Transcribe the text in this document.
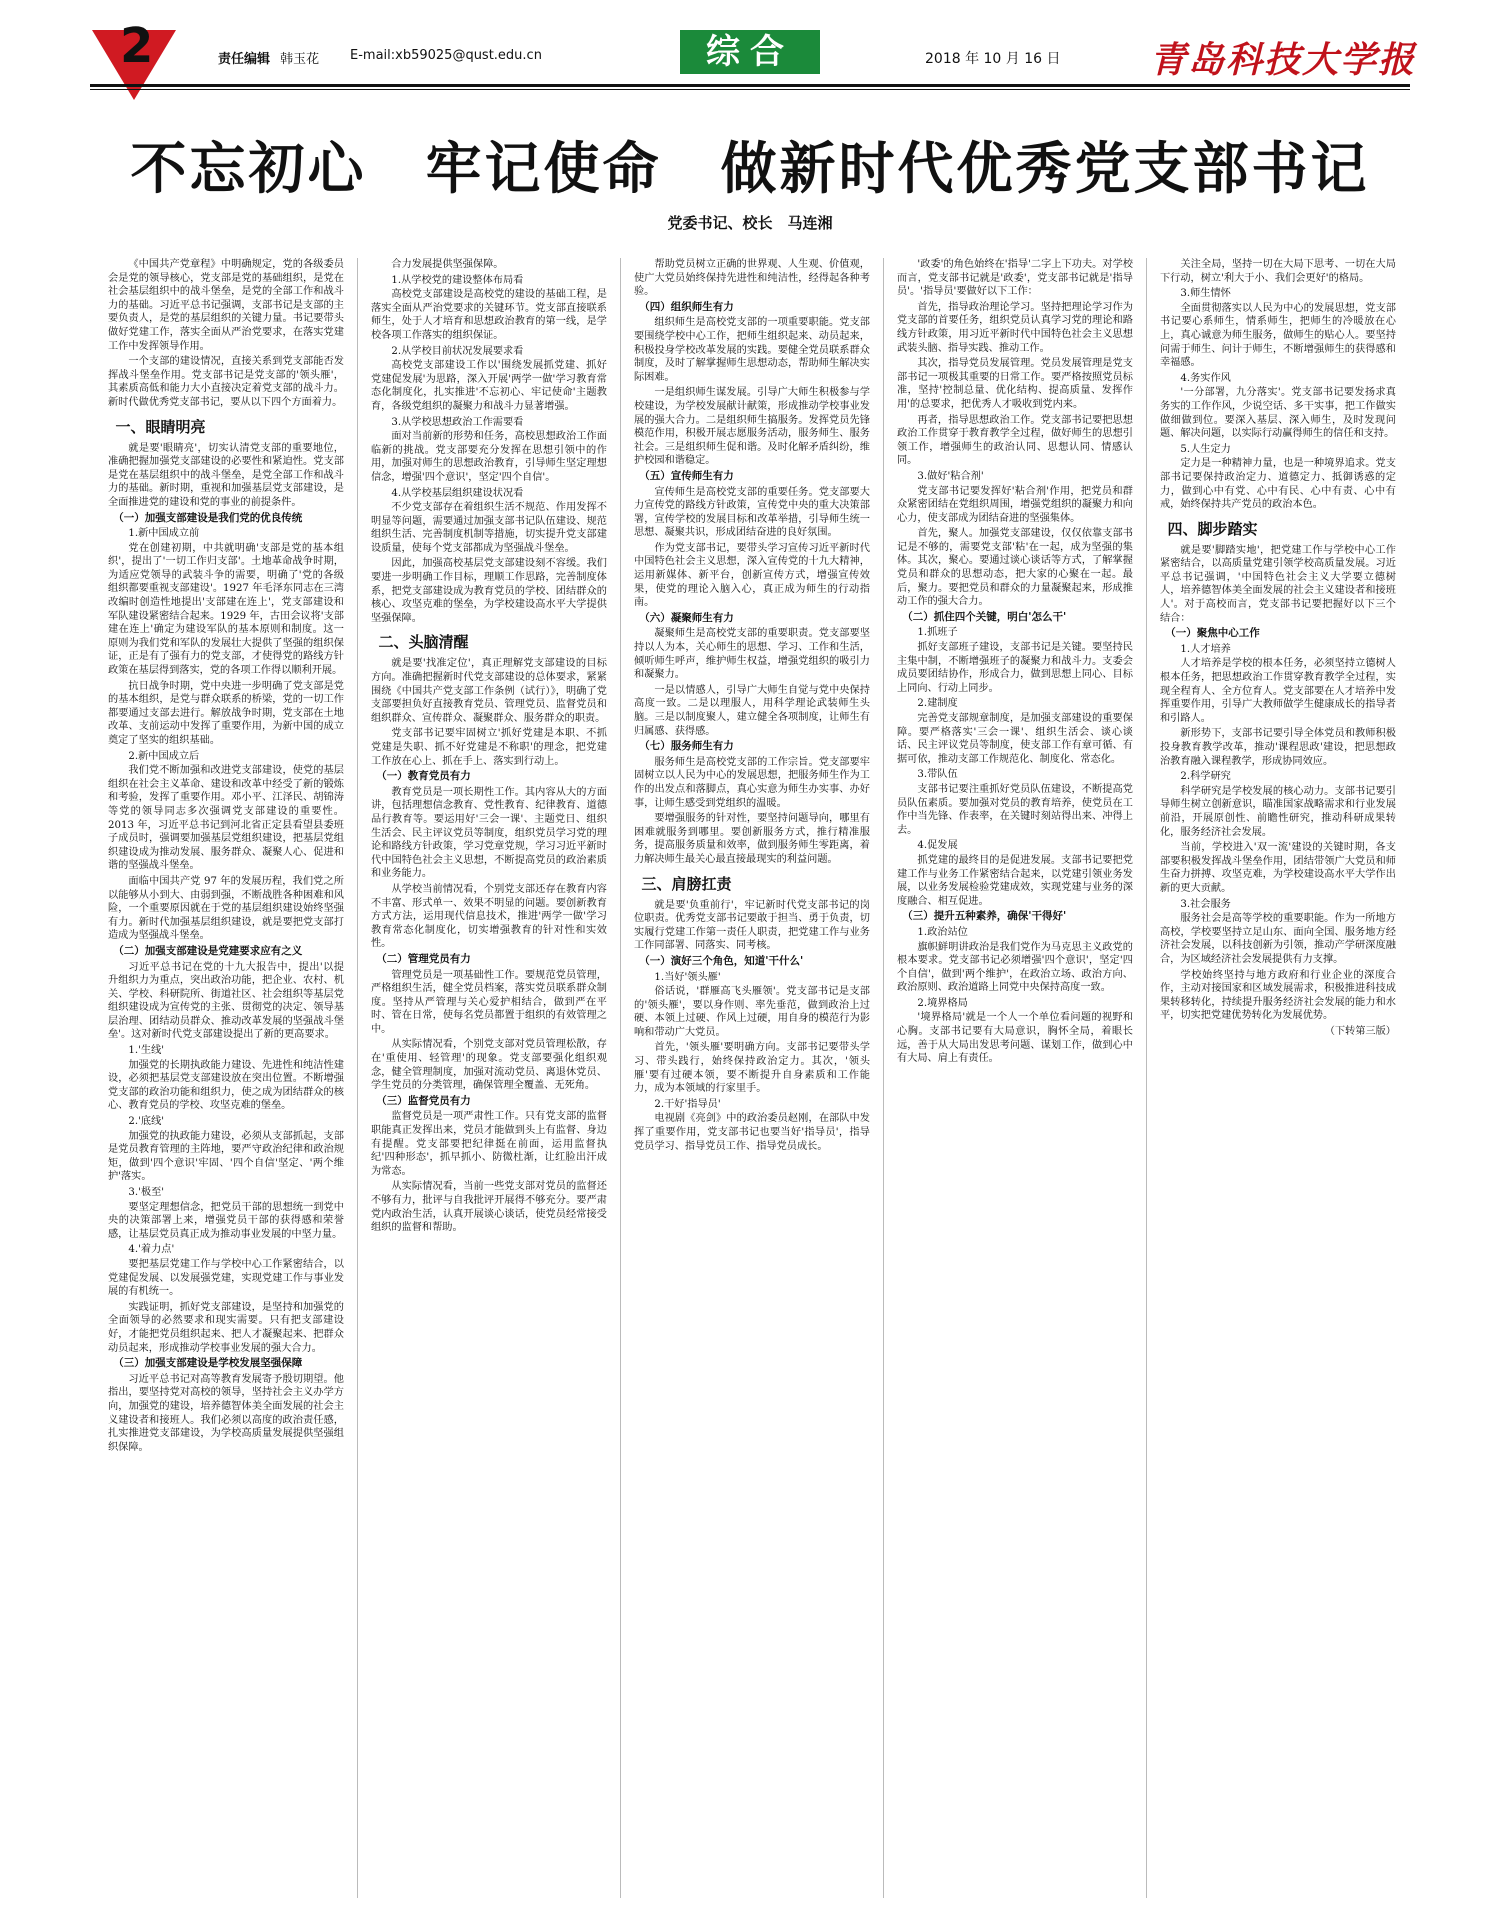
2	责任编辑 韩玉花 E-mail:xb59025@qust.edu.cn	综合	2018 年 10 月 16 日 青岛科技大学报
不忘初心　牢记使命　做新时代优秀党支部书记
党委书记、校长　马连湘

《中国共产党章程》中明确规定，党的各级委员会是党的领导核心，党支部是党的基础组织，是党在社会基层组织中的战斗堡垒，是党的全部工作和战斗力的基础。习近平总书记强调，支部书记是支部的主要负责人，是党的基层组织的关键力量。书记要带头做好党建工作，落实全面从严治党要求，在落实党建工作中发挥领导作用。

一个支部的建设情况，直接关系到党支部能否发挥战斗堡垒作用。党支部书记是党支部的'领头雁'，其素质高低和能力大小直接决定着党支部的战斗力。新时代做优秀党支部书记，要从以下四个方面着力。

一、眼睛明亮

就是要'眼睛亮'，切实认清党支部的重要地位，准确把握加强党支部建设的必要性和紧迫性。党支部是党在基层组织中的战斗堡垒，是党全部工作和战斗力的基础。新时期，重视和加强基层党支部建设，是全面推进党的建设和党的事业的前提条件。

（一）加强支部建设是我们党的优良传统

1.新中国成立前

党在创建初期，中共就明确'支部是党的基本组织'，提出了'一切工作归支部'。土地革命战争时期，为适应党领导的武装斗争的需要，明确了'党的各级组织都要重视支部建设'。1927 年毛泽东同志在三湾改编时创造性地提出'支部建在连上'，党支部建设和军队建设紧密结合起来。1929 年，古田会议将'支部建在连上'确定为建设军队的基本原则和制度。这一原则为我们党和军队的发展壮大提供了坚强的组织保证，正是有了强有力的党支部，才使得党的路线方针政策在基层得到落实，党的各项工作得以顺利开展。

抗日战争时期，党中央进一步明确了党支部是党的基本组织，是党与群众联系的桥梁，党的一切工作都要通过支部去进行。解放战争时期，党支部在土地改革、支前运动中发挥了重要作用，为新中国的成立奠定了坚实的组织基础。

2.新中国成立后

我们党不断加强和改进党支部建设，使党的基层组织在社会主义革命、建设和改革中经受了新的锻炼和考验，发挥了重要作用。邓小平、江泽民、胡锦涛等党的领导同志多次强调党支部建设的重要性。2013 年，习近平总书记到河北省正定县看望县委班子成员时，强调要加强基层党组织建设，把基层党组织建设成为推动发展、服务群众、凝聚人心、促进和谐的坚强战斗堡垒。

面临中国共产党 97 年的发展历程，我们党之所以能够从小到大、由弱到强，不断战胜各种困难和风险，一个重要原因就在于党的基层组织建设始终坚强有力。新时代加强基层组织建设，就是要把党支部打造成为坚强战斗堡垒。

（二）加强支部建设是党建要求应有之义

习近平总书记在党的十九大报告中，提出'以提升组织力为重点，突出政治功能，把企业、农村、机关、学校、科研院所、街道社区、社会组织等基层党组织建设成为宣传党的主张、贯彻党的决定、领导基层治理、团结动员群众、推动改革发展的坚强战斗堡垒'。这对新时代党支部建设提出了新的更高要求。

1.'生线'

加强党的长期执政能力建设、先进性和纯洁性建设，必须把基层党支部建设放在突出位置。不断增强党支部的政治功能和组织力，使之成为团结群众的核心、教育党员的学校、攻坚克难的堡垒。

2.'底线'

加强党的执政能力建设，必须从支部抓起，支部是党员教育管理的主阵地，要严守政治纪律和政治规矩，做到'四个意识'牢固、'四个自信'坚定、'两个维护'落实。

3.'极至'

要坚定理想信念，把党员干部的思想统一到党中央的决策部署上来，增强党员干部的获得感和荣誉感，让基层党员真正成为推动事业发展的中坚力量。

4.'着力点'

要把基层党建工作与学校中心工作紧密结合，以党建促发展、以发展强党建，实现党建工作与事业发展的有机统一。

实践证明，抓好党支部建设，是坚持和加强党的全面领导的必然要求和现实需要。只有把支部建设好，才能把党员组织起来、把人才凝聚起来、把群众动员起来，形成推动学校事业发展的强大合力。

（三）加强支部建设是学校发展坚强保障

习近平总书记对高等教育发展寄予殷切期望。他指出，要坚持党对高校的领导，坚持社会主义办学方向，加强党的建设，培养德智体美全面发展的社会主义建设者和接班人。我们必须以高度的政治责任感，扎实推进党支部建设，为学校高质量发展提供坚强组织保障。

合力发展提供坚强保障。

1.从学校党的建设整体布局看

高校党支部建设是高校党的建设的基础工程，是落实全面从严治党要求的关键环节。党支部直接联系师生，处于人才培育和思想政治教育的第一线，是学校各项工作落实的组织保证。

2.从学校目前状况发展要求看

高校党支部建设工作以'围绕发展抓党建、抓好党建促发展'为思路，深入开展'两学一做'学习教育常态化制度化，扎实推进'不忘初心、牢记使命'主题教育，各级党组织的凝聚力和战斗力显著增强。

3.从学校思想政治工作需要看

面对当前新的形势和任务，高校思想政治工作面临新的挑战。党支部要充分发挥在思想引领中的作用，加强对师生的思想政治教育，引导师生坚定理想信念，增强'四个意识'，坚定'四个自信'。

4.从学校基层组织建设状况看

不少党支部存在着组织生活不规范、作用发挥不明显等问题，需要通过加强支部书记队伍建设、规范组织生活、完善制度机制等措施，切实提升党支部建设质量，使每个党支部都成为坚强战斗堡垒。

因此，加强高校基层党支部建设刻不容缓。我们要进一步明确工作目标，理顺工作思路，完善制度体系，把党支部建设成为教育党员的学校、团结群众的核心、攻坚克难的堡垒，为学校建设高水平大学提供坚强保障。

二、头脑清醒

就是要'找准定位'，真正理解党支部建设的目标方向。准确把握新时代党支部建设的总体要求，紧紧围绕《中国共产党支部工作条例（试行）》，明确了党支部要担负好直接教育党员、管理党员、监督党员和组织群众、宣传群众、凝聚群众、服务群众的职责。

党支部书记要牢固树立'抓好党建是本职、不抓党建是失职、抓不好党建是不称职'的理念，把党建工作放在心上、抓在手上、落实到行动上。

（一）教育党员有力

教育党员是一项长期性工作。其内容从大的方面讲，包括理想信念教育、党性教育、纪律教育、道德品行教育等。要运用好'三会一课'、主题党日、组织生活会、民主评议党员等制度，组织党员学习党的理论和路线方针政策，学习党章党规，学习习近平新时代中国特色社会主义思想，不断提高党员的政治素质和业务能力。

从学校当前情况看，个别党支部还存在教育内容不丰富、形式单一、效果不明显的问题。要创新教育方式方法，运用现代信息技术，推进'两学一做'学习教育常态化制度化，切实增强教育的针对性和实效性。

（二）管理党员有力

管理党员是一项基础性工作。要规范党员管理，严格组织生活，健全党员档案，落实党员联系群众制度。坚持从严管理与关心爱护相结合，做到严在平时、管在日常，使每名党员都置于组织的有效管理之中。

从实际情况看，个别党支部对党员管理松散，存在'重使用、轻管理'的现象。党支部要强化组织观念，健全管理制度，加强对流动党员、离退休党员、学生党员的分类管理，确保管理全覆盖、无死角。

（三）监督党员有力

监督党员是一项严肃性工作。只有党支部的监督职能真正发挥出来，党员才能做到头上有监督、身边有提醒。党支部要把纪律挺在前面，运用监督执纪'四种形态'，抓早抓小、防微杜渐，让红脸出汗成为常态。

从实际情况看，当前一些党支部对党员的监督还不够有力，批评与自我批评开展得不够充分。要严肃党内政治生活，认真开展谈心谈话，使党员经常接受组织的监督和帮助。

帮助党员树立正确的世界观、人生观、价值观，使广大党员始终保持先进性和纯洁性，经得起各种考验。

（四）组织师生有力

组织师生是高校党支部的一项重要职能。党支部要围绕学校中心工作，把师生组织起来、动员起来，积极投身学校改革发展的实践。要健全党员联系群众制度，及时了解掌握师生思想动态，帮助师生解决实际困难。

一是组织师生谋发展。引导广大师生积极参与学校建设，为学校发展献计献策，形成推动学校事业发展的强大合力。二是组织师生搞服务。发挥党员先锋模范作用，积极开展志愿服务活动，服务师生、服务社会。三是组织师生促和谐。及时化解矛盾纠纷，维护校园和谐稳定。

（五）宣传师生有力

宣传师生是高校党支部的重要任务。党支部要大力宣传党的路线方针政策，宣传党中央的重大决策部署，宣传学校的发展目标和改革举措，引导师生统一思想、凝聚共识，形成团结奋进的良好氛围。

作为党支部书记，要带头学习宣传习近平新时代中国特色社会主义思想，深入宣传党的十九大精神，运用新媒体、新平台，创新宣传方式，增强宣传效果，使党的理论入脑入心，真正成为师生的行动指南。

（六）凝聚师生有力

凝聚师生是高校党支部的重要职责。党支部要坚持以人为本，关心师生的思想、学习、工作和生活，倾听师生呼声，维护师生权益，增强党组织的吸引力和凝聚力。

一是以情感人，引导广大师生自觉与党中央保持高度一致。二是以理服人，用科学理论武装师生头脑。三是以制度聚人，建立健全各项制度，让师生有归属感、获得感。

（七）服务师生有力

服务师生是高校党支部的工作宗旨。党支部要牢固树立以人民为中心的发展思想，把服务师生作为工作的出发点和落脚点，真心实意为师生办实事、办好事，让师生感受到党组织的温暖。

要增强服务的针对性，要坚持问题导向，哪里有困难就服务到哪里。要创新服务方式，推行精准服务，提高服务质量和效率，做到服务师生零距离，着力解决师生最关心最直接最现实的利益问题。

三、肩膀扛责

就是要'负重前行'，牢记新时代党支部书记的岗位职责。优秀党支部书记要敢于担当、勇于负责，切实履行党建工作第一责任人职责，把党建工作与业务工作同部署、同落实、同考核。

（一）演好三个角色，知道'干什么'

1.当好'领头雁'

俗话说，'群雁高飞头雁领'。党支部书记是支部的'领头雁'，要以身作则、率先垂范，做到政治上过硬、本领上过硬、作风上过硬，用自身的模范行为影响和带动广大党员。

首先，'领头雁'要明确方向。支部书记要带头学习、带头践行，始终保持政治定力。其次，'领头雁'要有过硬本领，要不断提升自身素质和工作能力，成为本领域的行家里手。

2.干好'指导员'

电视剧《亮剑》中的政治委员赵刚，在部队中发挥了重要作用，党支部书记也要当好'指导员'，指导党员学习、指导党员工作、指导党员成长。

'政委'的角色始终在'指导'二字上下功夫。对学校而言，党支部书记就是'政委'，党支部书记就是'指导员'。'指导员'要做好以下工作：

首先，指导政治理论学习。坚持把理论学习作为党支部的首要任务，组织党员认真学习党的理论和路线方针政策，用习近平新时代中国特色社会主义思想武装头脑、指导实践、推动工作。

其次，指导党员发展管理。党员发展管理是党支部书记一项极其重要的日常工作。要严格按照党员标准，坚持'控制总量、优化结构、提高质量、发挥作用'的总要求，把优秀人才吸收到党内来。

再者，指导思想政治工作。党支部书记要把思想政治工作贯穿于教育教学全过程，做好师生的思想引领工作，增强师生的政治认同、思想认同、情感认同。

3.做好'粘合剂'

党支部书记要发挥好'粘合剂'作用，把党员和群众紧密团结在党组织周围，增强党组织的凝聚力和向心力，使支部成为团结奋进的坚强集体。

首先，聚人。加强党支部建设，仅仅依靠支部书记是不够的，需要党支部'粘'在一起，成为坚强的集体。其次，聚心。要通过谈心谈话等方式，了解掌握党员和群众的思想动态，把大家的心聚在一起。最后，聚力。要把党员和群众的力量凝聚起来，形成推动工作的强大合力。

（二）抓住四个关键，明白'怎么干'

1.抓班子

抓好支部班子建设，支部书记是关键。要坚持民主集中制，不断增强班子的凝聚力和战斗力。支委会成员要团结协作，形成合力，做到思想上同心、目标上同向、行动上同步。

2.建制度

完善党支部规章制度，是加强支部建设的重要保障。要严格落实'三会一课'、组织生活会、谈心谈话、民主评议党员等制度，使支部工作有章可循、有据可依，推动支部工作规范化、制度化、常态化。

3.带队伍

支部书记要注重抓好党员队伍建设，不断提高党员队伍素质。要加强对党员的教育培养，使党员在工作中当先锋、作表率，在关键时刻站得出来、冲得上去。

4.促发展

抓党建的最终目的是促进发展。支部书记要把党建工作与业务工作紧密结合起来，以党建引领业务发展，以业务发展检验党建成效，实现党建与业务的深度融合、相互促进。

（三）提升五种素养，确保'干得好'

1.政治站位

旗帜鲜明讲政治是我们党作为马克思主义政党的根本要求。党支部书记必须增强'四个意识'，坚定'四个自信'，做到'两个维护'，在政治立场、政治方向、政治原则、政治道路上同党中央保持高度一致。

2.境界格局

'境界格局'就是一个人一个单位看问题的视野和心胸。支部书记要有大局意识，胸怀全局，着眼长远，善于从大局出发思考问题、谋划工作，做到心中有大局、肩上有责任。

关注全局，坚持一切在大局下思考、一切在大局下行动，树立'利大于小、我们会更好'的格局。

3.师生情怀

全面贯彻落实以人民为中心的发展思想，党支部书记要心系师生，情系师生，把师生的冷暖放在心上，真心诚意为师生服务，做师生的贴心人。要坚持问需于师生、问计于师生，不断增强师生的获得感和幸福感。

4.务实作风

'一分部署，九分落实'。党支部书记要发扬求真务实的工作作风，少说空话、多干实事，把工作做实做细做到位。要深入基层、深入师生，及时发现问题、解决问题，以实际行动赢得师生的信任和支持。

5.人生定力

定力是一种精神力量，也是一种境界追求。党支部书记要保持政治定力、道德定力、抵御诱惑的定力，做到心中有党、心中有民、心中有责、心中有戒，始终保持共产党员的政治本色。

四、脚步踏实

就是要'脚踏实地'，把党建工作与学校中心工作紧密结合，以高质量党建引领学校高质量发展。习近平总书记强调，'中国特色社会主义大学要立德树人，培养德智体美全面发展的社会主义建设者和接班人'。对于高校而言，党支部书记要把握好以下三个结合：

（一）聚焦中心工作

1.人才培养

人才培养是学校的根本任务，必须坚持立德树人根本任务，把思想政治工作贯穿教育教学全过程，实现全程育人、全方位育人。党支部要在人才培养中发挥重要作用，引导广大教师做学生健康成长的指导者和引路人。

新形势下，支部书记要引导全体党员和教师积极投身教育教学改革，推动'课程思政'建设，把思想政治教育融入课程教学，形成协同效应。

2.科学研究

科学研究是学校发展的核心动力。支部书记要引导师生树立创新意识，瞄准国家战略需求和行业发展前沿，开展原创性、前瞻性研究，推动科研成果转化，服务经济社会发展。

当前，学校进入'双一流'建设的关键时期，各支部要积极发挥战斗堡垒作用，团结带领广大党员和师生奋力拼搏、攻坚克难，为学校建设高水平大学作出新的更大贡献。

3.社会服务

服务社会是高等学校的重要职能。作为一所地方高校，学校要坚持立足山东、面向全国、服务地方经济社会发展，以科技创新为引领，推动产学研深度融合，为区域经济社会发展提供有力支撑。

学校始终坚持与地方政府和行业企业的深度合作，主动对接国家和区域发展需求，积极推进科技成果转移转化，持续提升服务经济社会发展的能力和水平，切实把党建优势转化为发展优势。

（下转第三版）
